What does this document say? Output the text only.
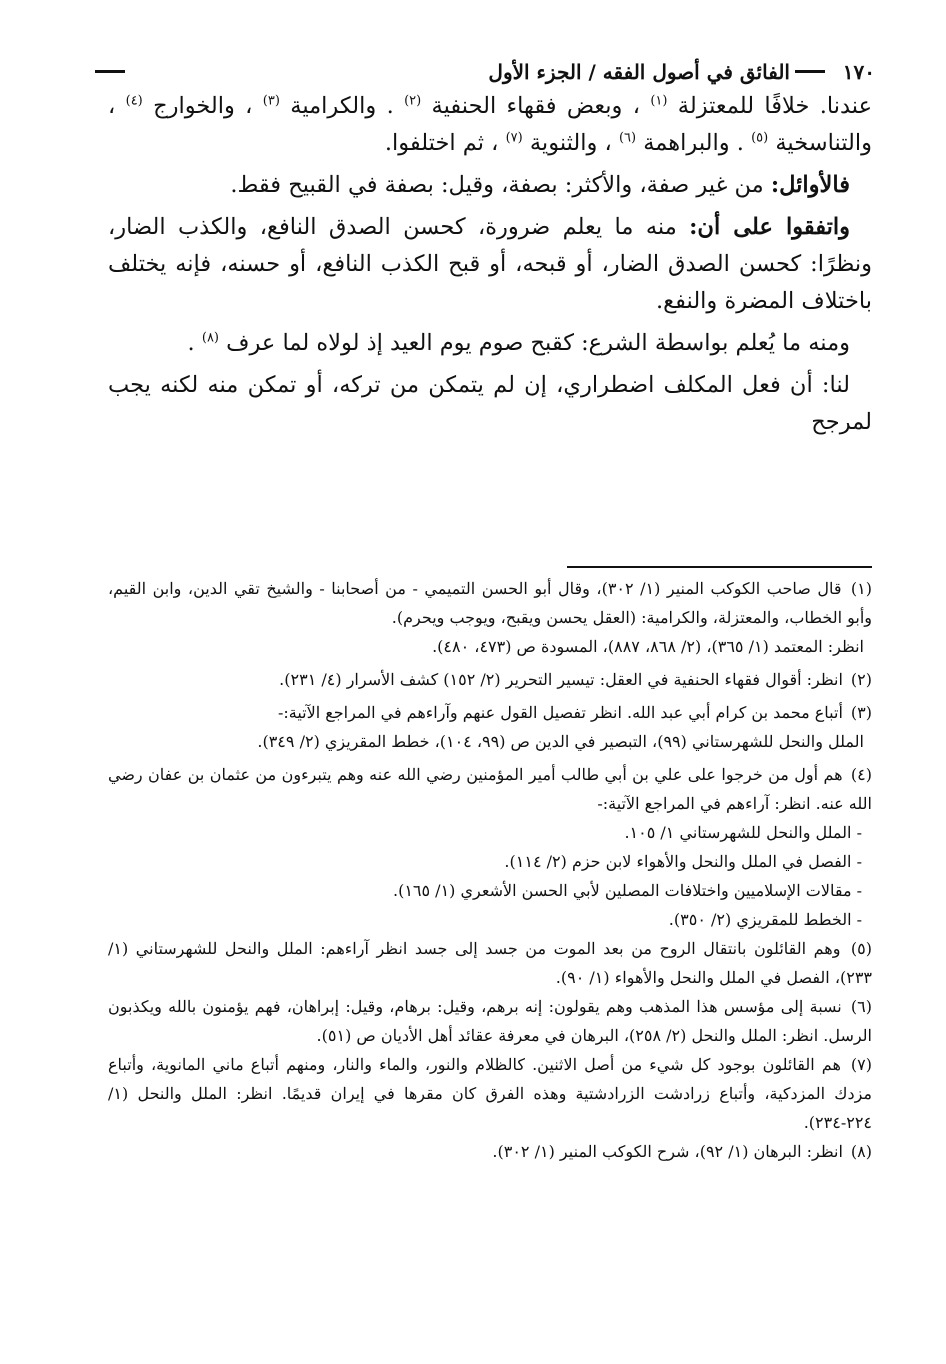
١٧٠
الفائق في أصول الفقه / الجزء الأول

عندنا. خلافًا للمعتزلة $^{(١)}$ ، وبعض فقهاء الحنفية $^{(٢)}$ . والكرامية $^{(٣)}$ ، والخوارج $^{(٤)}$ ، والتناسخية $^{(٥)}$ . والبراهمة $^{(٦)}$ ، والثنوية $^{(٧)}$ ، ثم اختلفوا.

فالأوائل: من غير صفة، والأكثر: بصفة، وقيل: بصفة في القبيح فقط.

واتفقوا على أن: منه ما يعلم ضرورة، كحسن الصدق النافع، والكذب الضار، ونظرًا: كحسن الصدق الضار، أو قبحه، أو قبح الكذب النافع، أو حسنه، فإنه يختلف باختلاف المضرة والنفع.

ومنه ما يُعلم بواسطة الشرع: كقبح صوم يوم العيد إذ لولاه لما عرف $^{(٨)}$ .

لنا: أن فعل المكلف اضطراري، إن لم يتمكن من تركه، أو تمكن منه لكنه يجب لمرجح

(١) قال صاحب الكوكب المنير (١/ ٣٠٢)، وقال أبو الحسن التميمي - من أصحابنا - والشيخ تقي الدين، وابن القيم، وأبو الخطاب، والمعتزلة، والكرامية: (العقل يحسن ويقبح، ويوجب ويحرم).

انظر: المعتمد (١/ ٣٦٥)، (٢/ ٨٦٨، ٨٨٧)، المسودة ص (٤٧٣، ٤٨٠).

(٢) انظر: أقوال فقهاء الحنفية في العقل: تيسير التحرير (٢/ ١٥٢) كشف الأسرار (٤/ ٢٣١).

(٣) أتباع محمد بن كرام أبي عبد الله. انظر تفصيل القول عنهم وآراءهم في المراجع الآتية:-

الملل والنحل للشهرستاني (٩٩)، التبصير في الدين ص (٩٩، ١٠٤)، خطط المقريزي (٢/ ٣٤٩).

(٤) هم أول من خرجوا على علي بن أبي طالب أمير المؤمنين رضي الله عنه وهم يتبرءون من عثمان بن عفان رضي الله عنه. انظر: آراءهم في المراجع الآتية:-

- الملل والنحل للشهرستاني ١/ ١٠٥.

- الفصل في الملل والنحل والأهواء لابن حزم (٢/ ١١٤).

- مقالات الإسلاميين واختلافات المصلين لأبي الحسن الأشعري (١/ ١٦٥).

- الخطط للمقريزي (٢/ ٣٥٠).

(٥) وهم القائلون بانتقال الروح من بعد الموت من جسد إلى جسد انظر آراءهم: الملل والنحل للشهرستاني (١/ ٢٣٣)، الفصل في الملل والنحل والأهواء (١/ ٩٠).

(٦) نسبة إلى مؤسس هذا المذهب وهم يقولون: إنه برهم، وقيل: برهام، وقيل: إبراهان، فهم يؤمنون بالله ويكذبون الرسل. انظر: الملل والنحل (٢/ ٢٥٨)، البرهان في معرفة عقائد أهل الأديان ص (٥١).

(٧) هم القائلون بوجود كل شيء من أصل الاثنين. كالظلام والنور، والماء والنار، ومنهم أتباع ماني المانوية، وأتباع مزدك المزدكية، وأتباع زرادشت الزرادشتية وهذه الفرق كان مقرها في إيران قديمًا. انظر: الملل والنحل (١/ ٢٢٤-٢٣٤).

(٨) انظر: البرهان (١/ ٩٢)، شرح الكوكب المنير (١/ ٣٠٢).
